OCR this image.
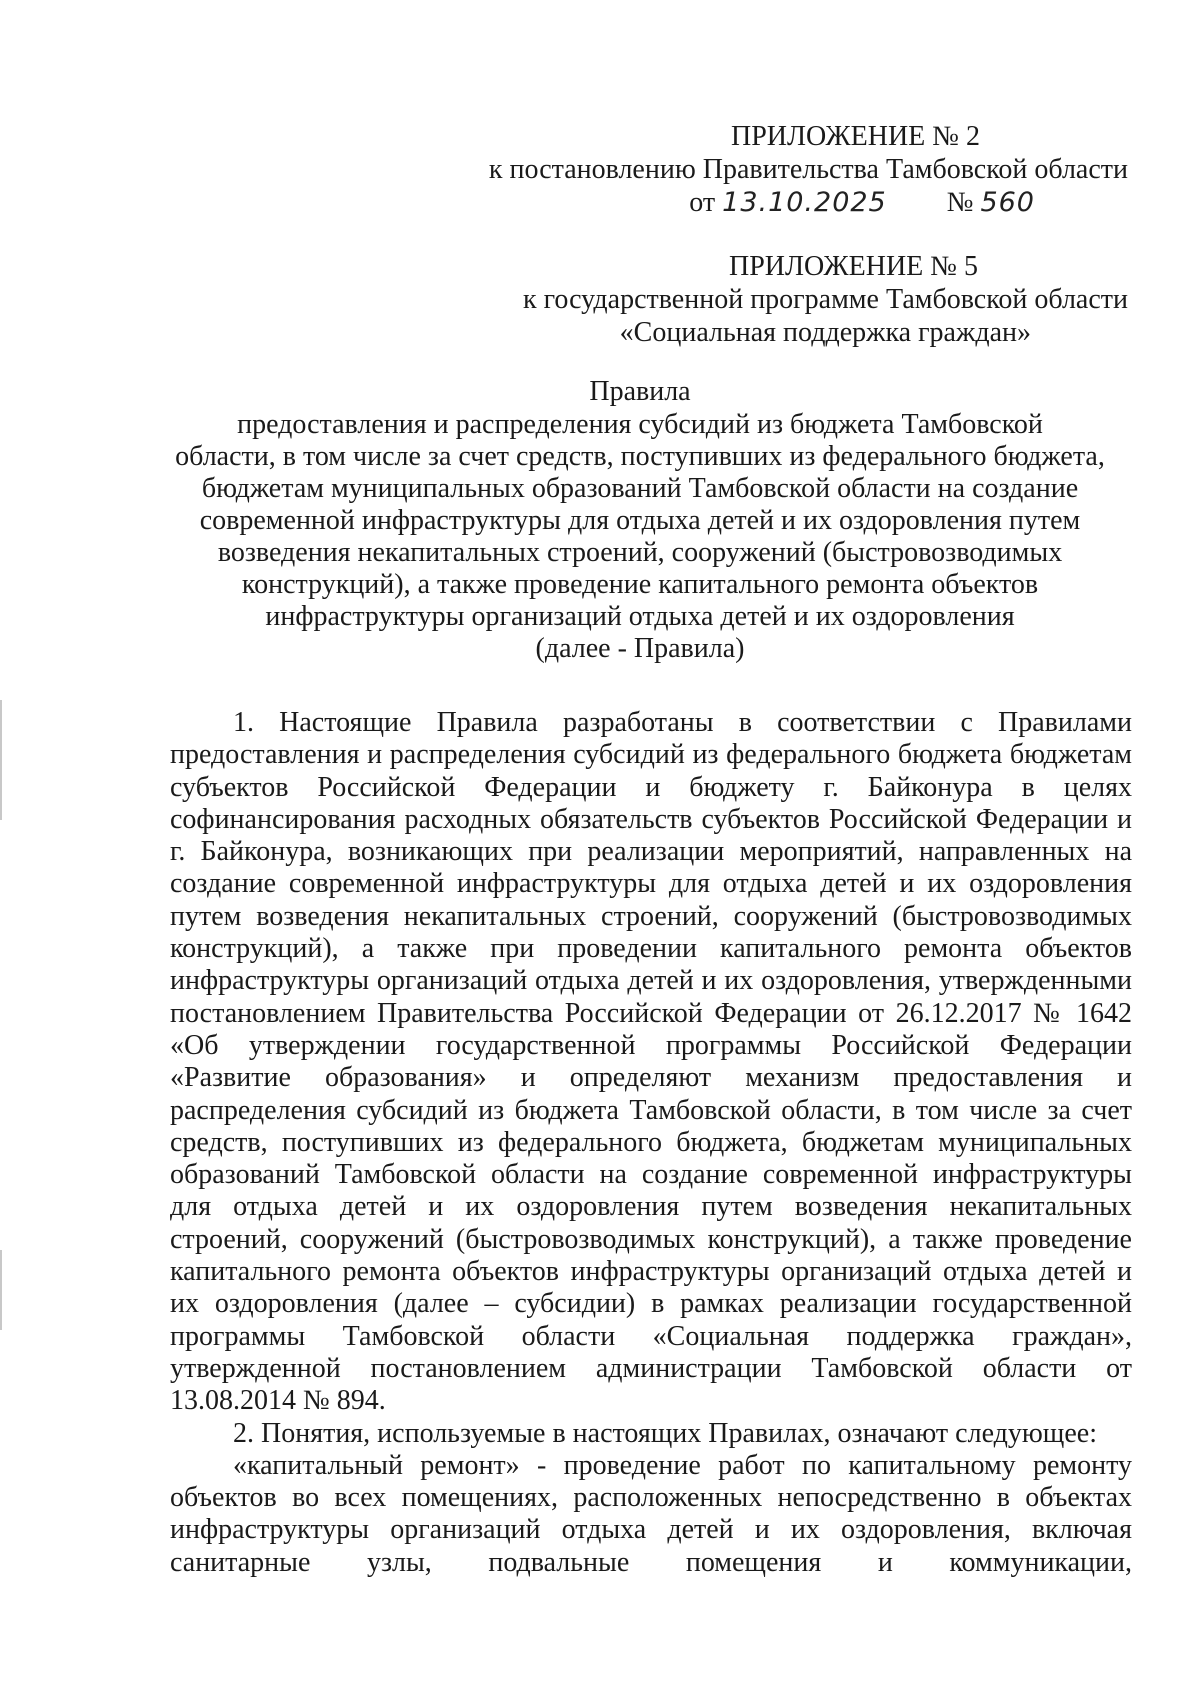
ПРИЛОЖЕНИЕ № 2
к постановлению Правительства Тамбовской области
от 13.10.2025 № 560
ПРИЛОЖЕНИЕ № 5
к государственной программе Тамбовской области
«Социальная поддержка граждан»
Правила
предоставления и распределения субсидий из бюджета Тамбовской
области, в том числе за счет средств, поступивших из федерального бюджета,
бюджетам муниципальных образований Тамбовской области на создание
современной инфраструктуры для отдыха детей и их оздоровления путем
возведения некапитальных строений, сооружений (быстровозводимых
конструкций), а также проведение капитального ремонта объектов
инфраструктуры организаций отдыха детей и их оздоровления
(далее - Правила)

1. Настоящие Правила разработаны в соответствии с Правилами предоставления и распределения субсидий из федерального бюджета бюджетам субъектов Российской Федерации и бюджету г. Байконура в целях софинансирования расходных обязательств субъектов Российской Федерации и г. Байконура, возникающих при реализации мероприятий, направленных на создание современной инфраструктуры для отдыха детей и их оздоровления путем возведения некапитальных строений, сооружений (быстровозводимых конструкций), а также при проведении капитального ремонта объектов инфраструктуры организаций отдыха детей и их оздоровления, утвержденными постановлением Правительства Российской Федерации от 26.12.2017 № 1642 «Об утверждении государственной программы Российской Федерации «Развитие образования» и определяют механизм предоставления и распределения субсидий из бюджета Тамбовской области, в том числе за счет средств, поступивших из федерального бюджета, бюджетам муниципальных образований Тамбовской области на создание современной инфраструктуры для отдыха детей и их оздоровления путем возведения некапитальных строений, сооружений (быстровозводимых конструкций), а также проведение капитального ремонта объектов инфраструктуры организаций отдыха детей и их оздоровления (далее – субсидии) в рамках реализации государственной программы Тамбовской области «Социальная поддержка граждан», утвержденной постановлением администрации Тамбовской области от 13.08.2014 № 894.

2. Понятия, используемые в настоящих Правилах, означают следующее:

«капитальный ремонт» - проведение работ по капитальному ремонту объектов во всех помещениях, расположенных непосредственно в объектах инфраструктуры организаций отдыха детей и их оздоровления, включая санитарные узлы, подвальные помещения и коммуникации,
